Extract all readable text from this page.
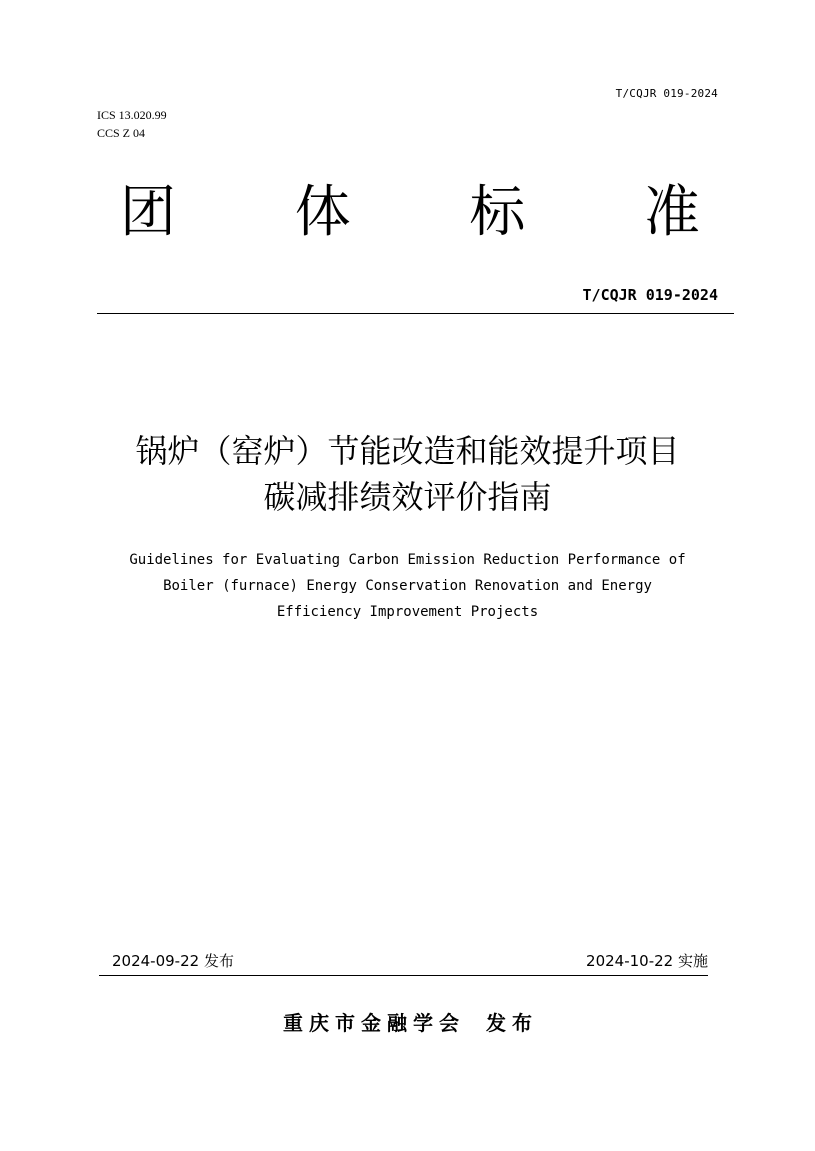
T/CQJR 019-2024
ICS 13.020.99
CCS Z 04
团 体 标 准
T/CQJR 019-2024
锅炉（窑炉）节能改造和能效提升项目
碳减排绩效评价指南
Guidelines for Evaluating Carbon Emission Reduction Performance of
Boiler (furnace) Energy Conservation Renovation and Energy
Efficiency Improvement Projects
2024-09-22 发布	2024-10-22 实施
重庆市金融学会 发布
